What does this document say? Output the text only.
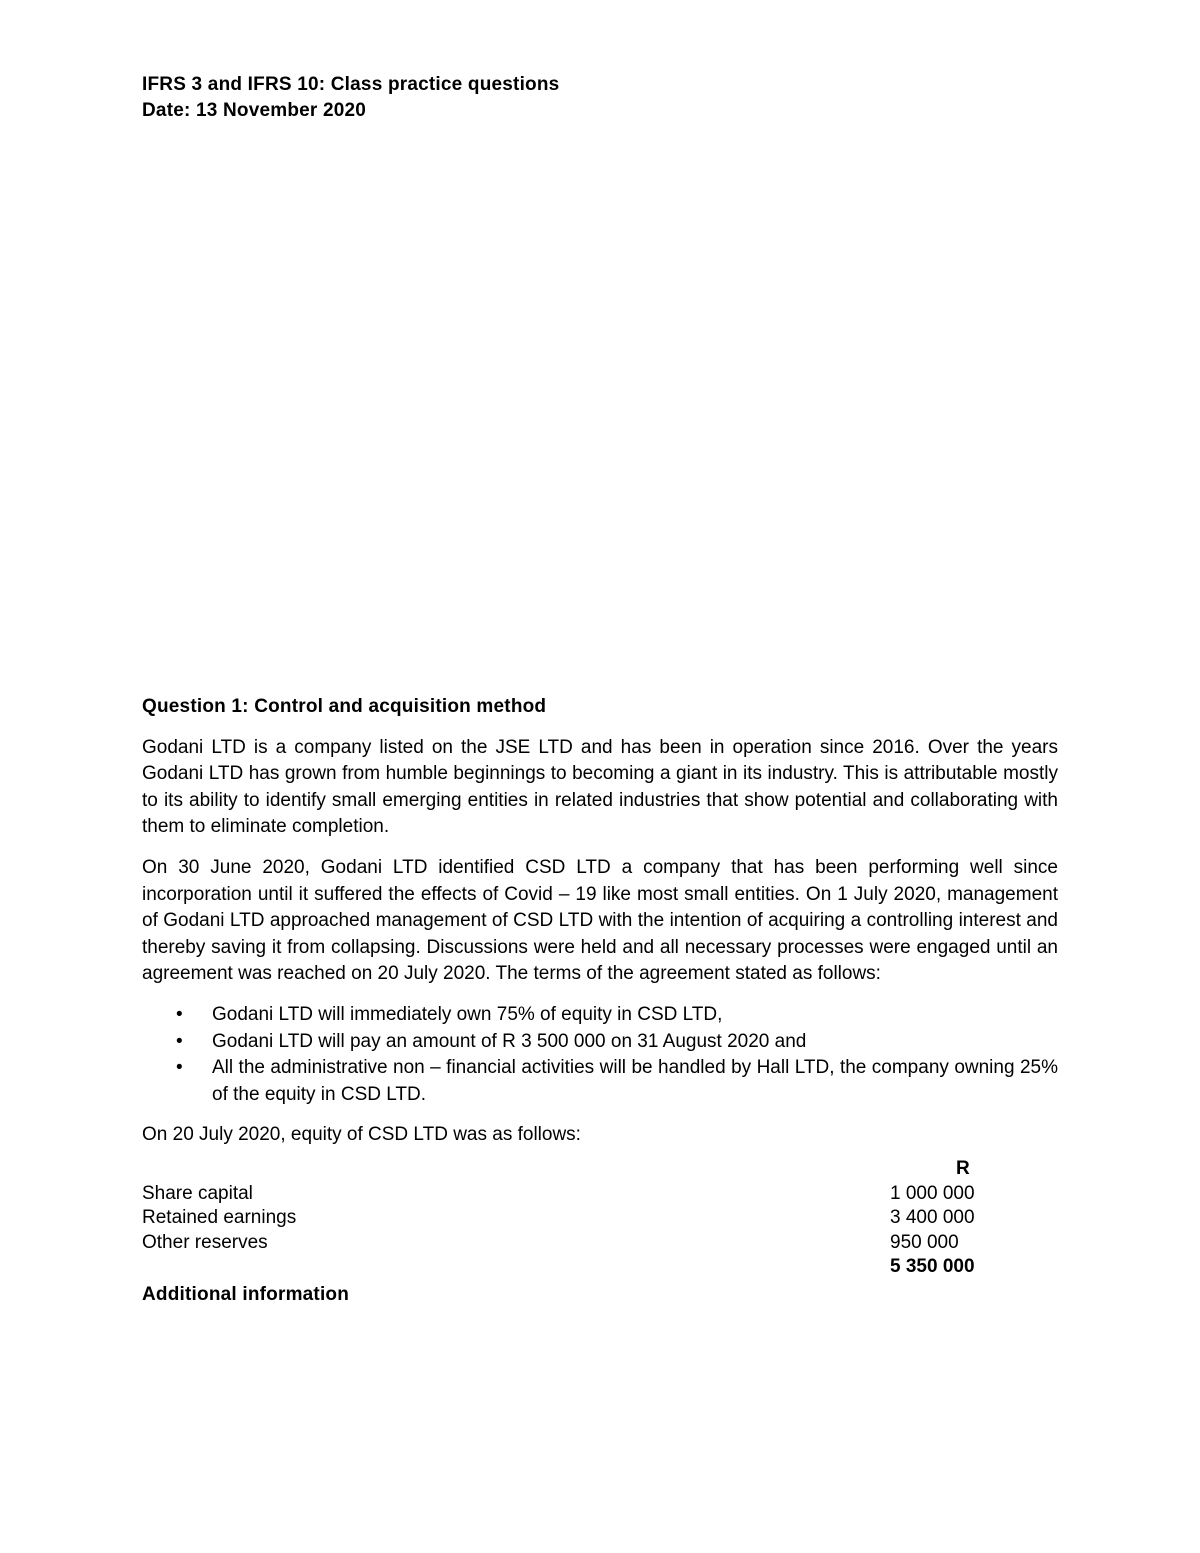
IFRS 3 and IFRS 10: Class practice questions
Date: 13 November 2020
Question 1: Control and acquisition method

Godani LTD is a company listed on the JSE LTD and has been in operation since 2016. Over the years Godani LTD has grown from humble beginnings to becoming a giant in its industry. This is attributable mostly to its ability to identify small emerging entities in related industries that show potential and collaborating with them to eliminate completion.

On 30 June 2020, Godani LTD identified CSD LTD a company that has been performing well since incorporation until it suffered the effects of Covid – 19 like most small entities. On 1 July 2020, management of Godani LTD approached management of CSD LTD with the intention of acquiring a controlling interest and thereby saving it from collapsing. Discussions were held and all necessary processes were engaged until an agreement was reached on 20 July 2020. The terms of the agreement stated as follows:

• Godani LTD will immediately own 75% of equity in CSD LTD,
• Godani LTD will pay an amount of R 3 500 000 on 31 August 2020 and
• All the administrative non – financial activities will be handled by Hall LTD, the company owning 25% of the equity in CSD LTD.

On 20 July 2020, equity of CSD LTD was as follows:

R
Share capital	1 000 000
Retained earnings	3 400 000
Other reserves	950 000
5 350 000
Additional information
